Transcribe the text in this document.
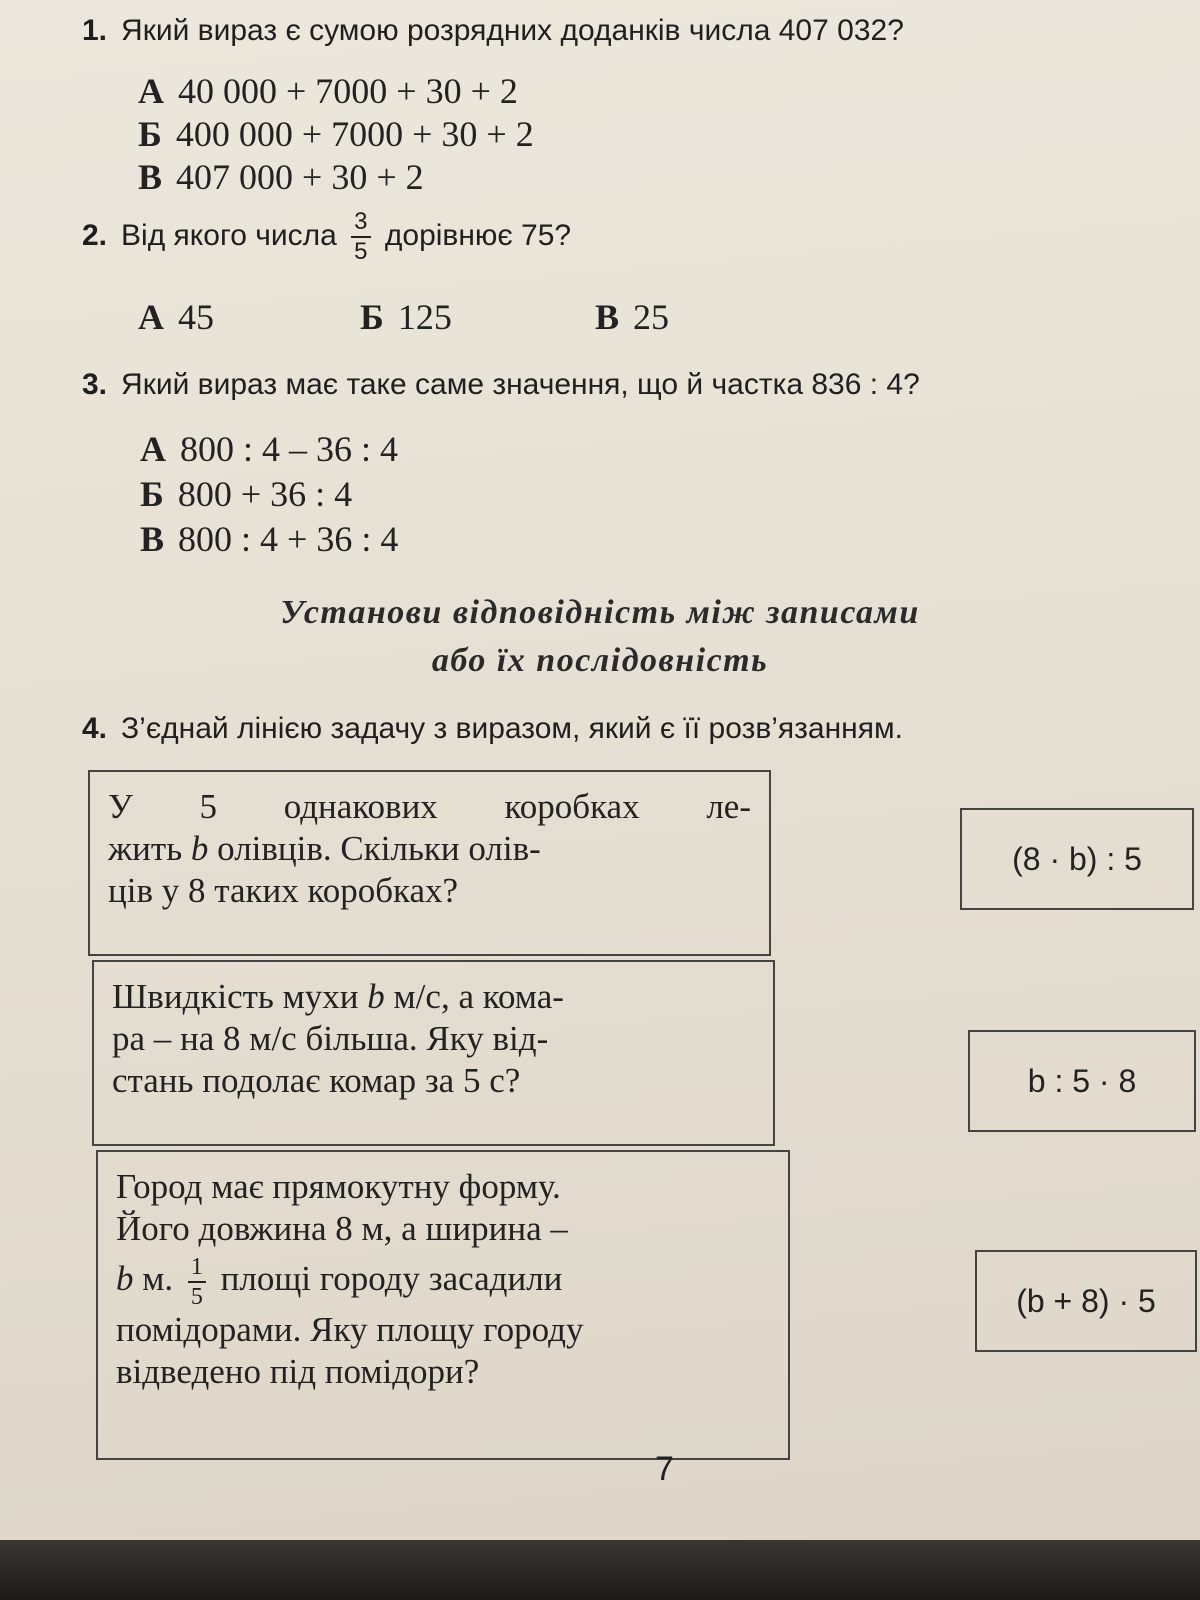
1. Який вираз є сумою розрядних доданків числа 407 032?
А 40 000 + 7000 + 30 + 2
Б 400 000 + 7000 + 30 + 2
В 407 000 + 30 + 2
2. Від якого числа $\frac{3}{5}$ дорівнює 75?
А 45	Б 125	В 25
3. Який вираз має таке саме значення, що й частка 836 : 4?
А 800 : 4 – 36 : 4
Б 800 + 36 : 4
В 800 : 4 + 36 : 4
Установи відповідність між записами
або їх послідовність
4. З’єднай лінією задачу з виразом, який є її розв’язанням.
У 5 однакових коробках ле-
жить b олівців. Скільки олів-
ців у 8 таких коробках?
Швидкість мухи b м/с, а кома-
ра – на 8 м/с більша. Яку від-
стань подолає комар за 5 с?
Город має прямокутну форму.
Його довжина 8 м, а ширина –
b м. $\frac{1}{5}$ площі городу засадили
помідорами. Яку площу городу
відведено під помідори?
(8 · b) : 5
b : 5 · 8
(b + 8) · 5
7
